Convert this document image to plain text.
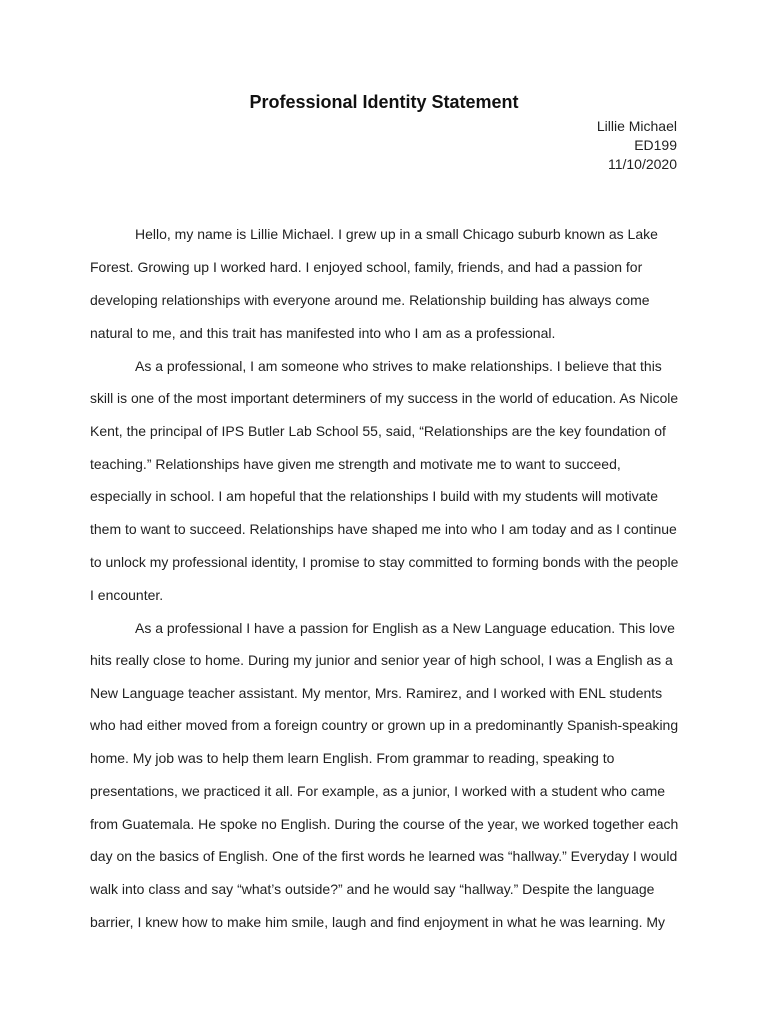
Professional Identity Statement
Lillie Michael
ED199
11/10/2020
Hello, my name is Lillie Michael. I grew up in a small Chicago suburb known as Lake
Forest. Growing up I worked hard. I enjoyed school, family, friends, and had a passion for
developing relationships with everyone around me. Relationship building has always come
natural to me, and this trait has manifested into who I am as a professional.
As a professional, I am someone who strives to make relationships. I believe that this
skill is one of the most important determiners of my success in the world of education. As Nicole
Kent, the principal of IPS Butler Lab School 55, said, “Relationships are the key foundation of
teaching.” Relationships have given me strength and motivate me to want to succeed,
especially in school. I am hopeful that the relationships I build with my students will motivate
them to want to succeed. Relationships have shaped me into who I am today and as I continue
to unlock my professional identity, I promise to stay committed to forming bonds with the people
I encounter.
As a professional I have a passion for English as a New Language education. This love
hits really close to home. During my junior and senior year of high school, I was a English as a
New Language teacher assistant. My mentor, Mrs. Ramirez, and I worked with ENL students
who had either moved from a foreign country or grown up in a predominantly Spanish-speaking
home. My job was to help them learn English. From grammar to reading, speaking to
presentations, we practiced it all. For example, as a junior, I worked with a student who came
from Guatemala. He spoke no English. During the course of the year, we worked together each
day on the basics of English. One of the first words he learned was “hallway.” Everyday I would
walk into class and say “what’s outside?” and he would say “hallway.” Despite the language
barrier, I knew how to make him smile, laugh and find enjoyment in what he was learning. My
